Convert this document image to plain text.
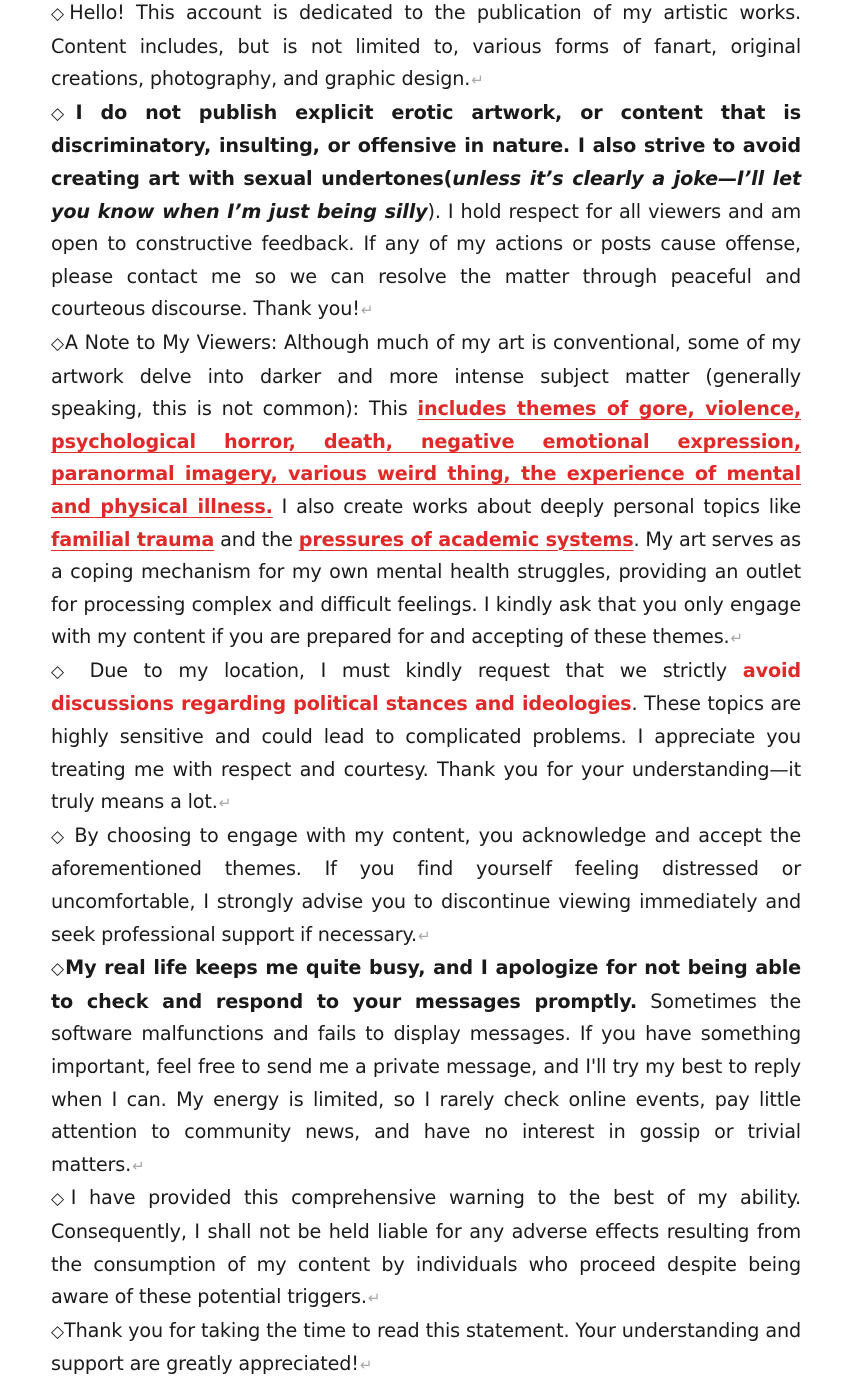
◇Hello! This account is dedicated to the publication of my artistic works. Content includes, but is not limited to, various forms of fanart, original creations, photography, and graphic design.↵

◇I do not publish explicit erotic artwork, or content that is discriminatory, insulting, or offensive in nature. I also strive to avoid creating art with sexual undertones(unless it’s clearly a joke—I’ll let you know when I’m just being silly). I hold respect for all viewers and am open to constructive feedback. If any of my actions or posts cause offense, please contact me so we can resolve the matter through peaceful and courteous discourse. Thank you!↵

◇A Note to My Viewers: Although much of my art is conventional, some of my artwork delve into darker and more intense subject matter (generally speaking, this is not common): This includes themes of gore, violence, psychological horror, death, negative emotional expression, paranormal imagery, various weird thing, the experience of mental and physical illness. I also create works about deeply personal topics like familial trauma and the pressures of academic systems. My art serves as a coping mechanism for my own mental health struggles, providing an outlet for processing complex and difficult feelings. I kindly ask that you only engage with my content if you are prepared for and accepting of these themes.↵

◇ Due to my location, I must kindly request that we strictly avoid discussions regarding political stances and ideologies. These topics are highly sensitive and could lead to complicated problems. I appreciate you treating me with respect and courtesy. Thank you for your understanding—it truly means a lot.↵

◇ By choosing to engage with my content, you acknowledge and accept the aforementioned themes. If you find yourself feeling distressed or uncomfortable, I strongly advise you to discontinue viewing immediately and seek professional support if necessary.↵

◇My real life keeps me quite busy, and I apologize for not being able to check and respond to your messages promptly. Sometimes the software malfunctions and fails to display messages. If you have something important, feel free to send me a private message, and I'll try my best to reply when I can. My energy is limited, so I rarely check online events, pay little attention to community news, and have no interest in gossip or trivial matters.↵

◇I have provided this comprehensive warning to the best of my ability. Consequently, I shall not be held liable for any adverse effects resulting from the consumption of my content by individuals who proceed despite being aware of these potential triggers.↵

◇Thank you for taking the time to read this statement. Your understanding and support are greatly appreciated!↵
